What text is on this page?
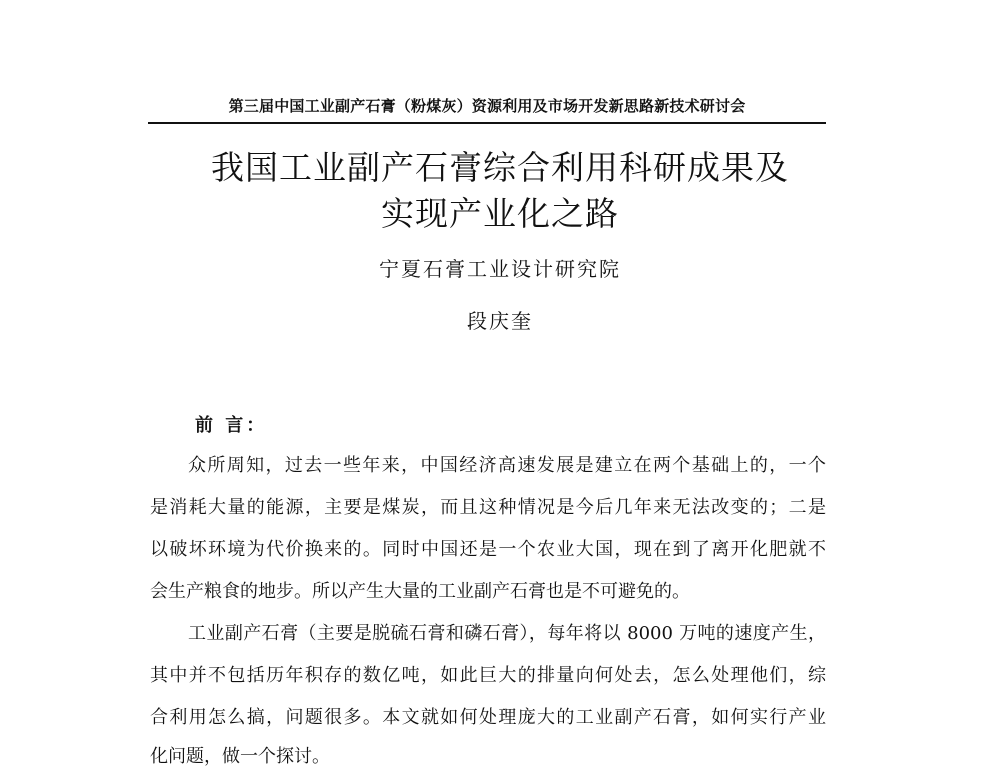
第三届中国工业副产石膏（粉煤灰）资源利用及市场开发新思路新技术研讨会
我国工业副产石膏综合利用科研成果及
实现产业化之路
宁夏石膏工业设计研究院
段庆奎
前 言：
众所周知，过去一些年来，中国经济高速发展是建立在两个基础上的，一个
是消耗大量的能源，主要是煤炭，而且这种情况是今后几年来无法改变的；二是
以破坏环境为代价换来的。同时中国还是一个农业大国，现在到了离开化肥就不
会生产粮食的地步。所以产生大量的工业副产石膏也是不可避免的。
工业副产石膏（主要是脱硫石膏和磷石膏），每年将以 8000 万吨的速度产生，
其中并不包括历年积存的数亿吨，如此巨大的排量向何处去，怎么处理他们，综
合利用怎么搞，问题很多。本文就如何处理庞大的工业副产石膏，如何实行产业
化问题，做一个探讨。
